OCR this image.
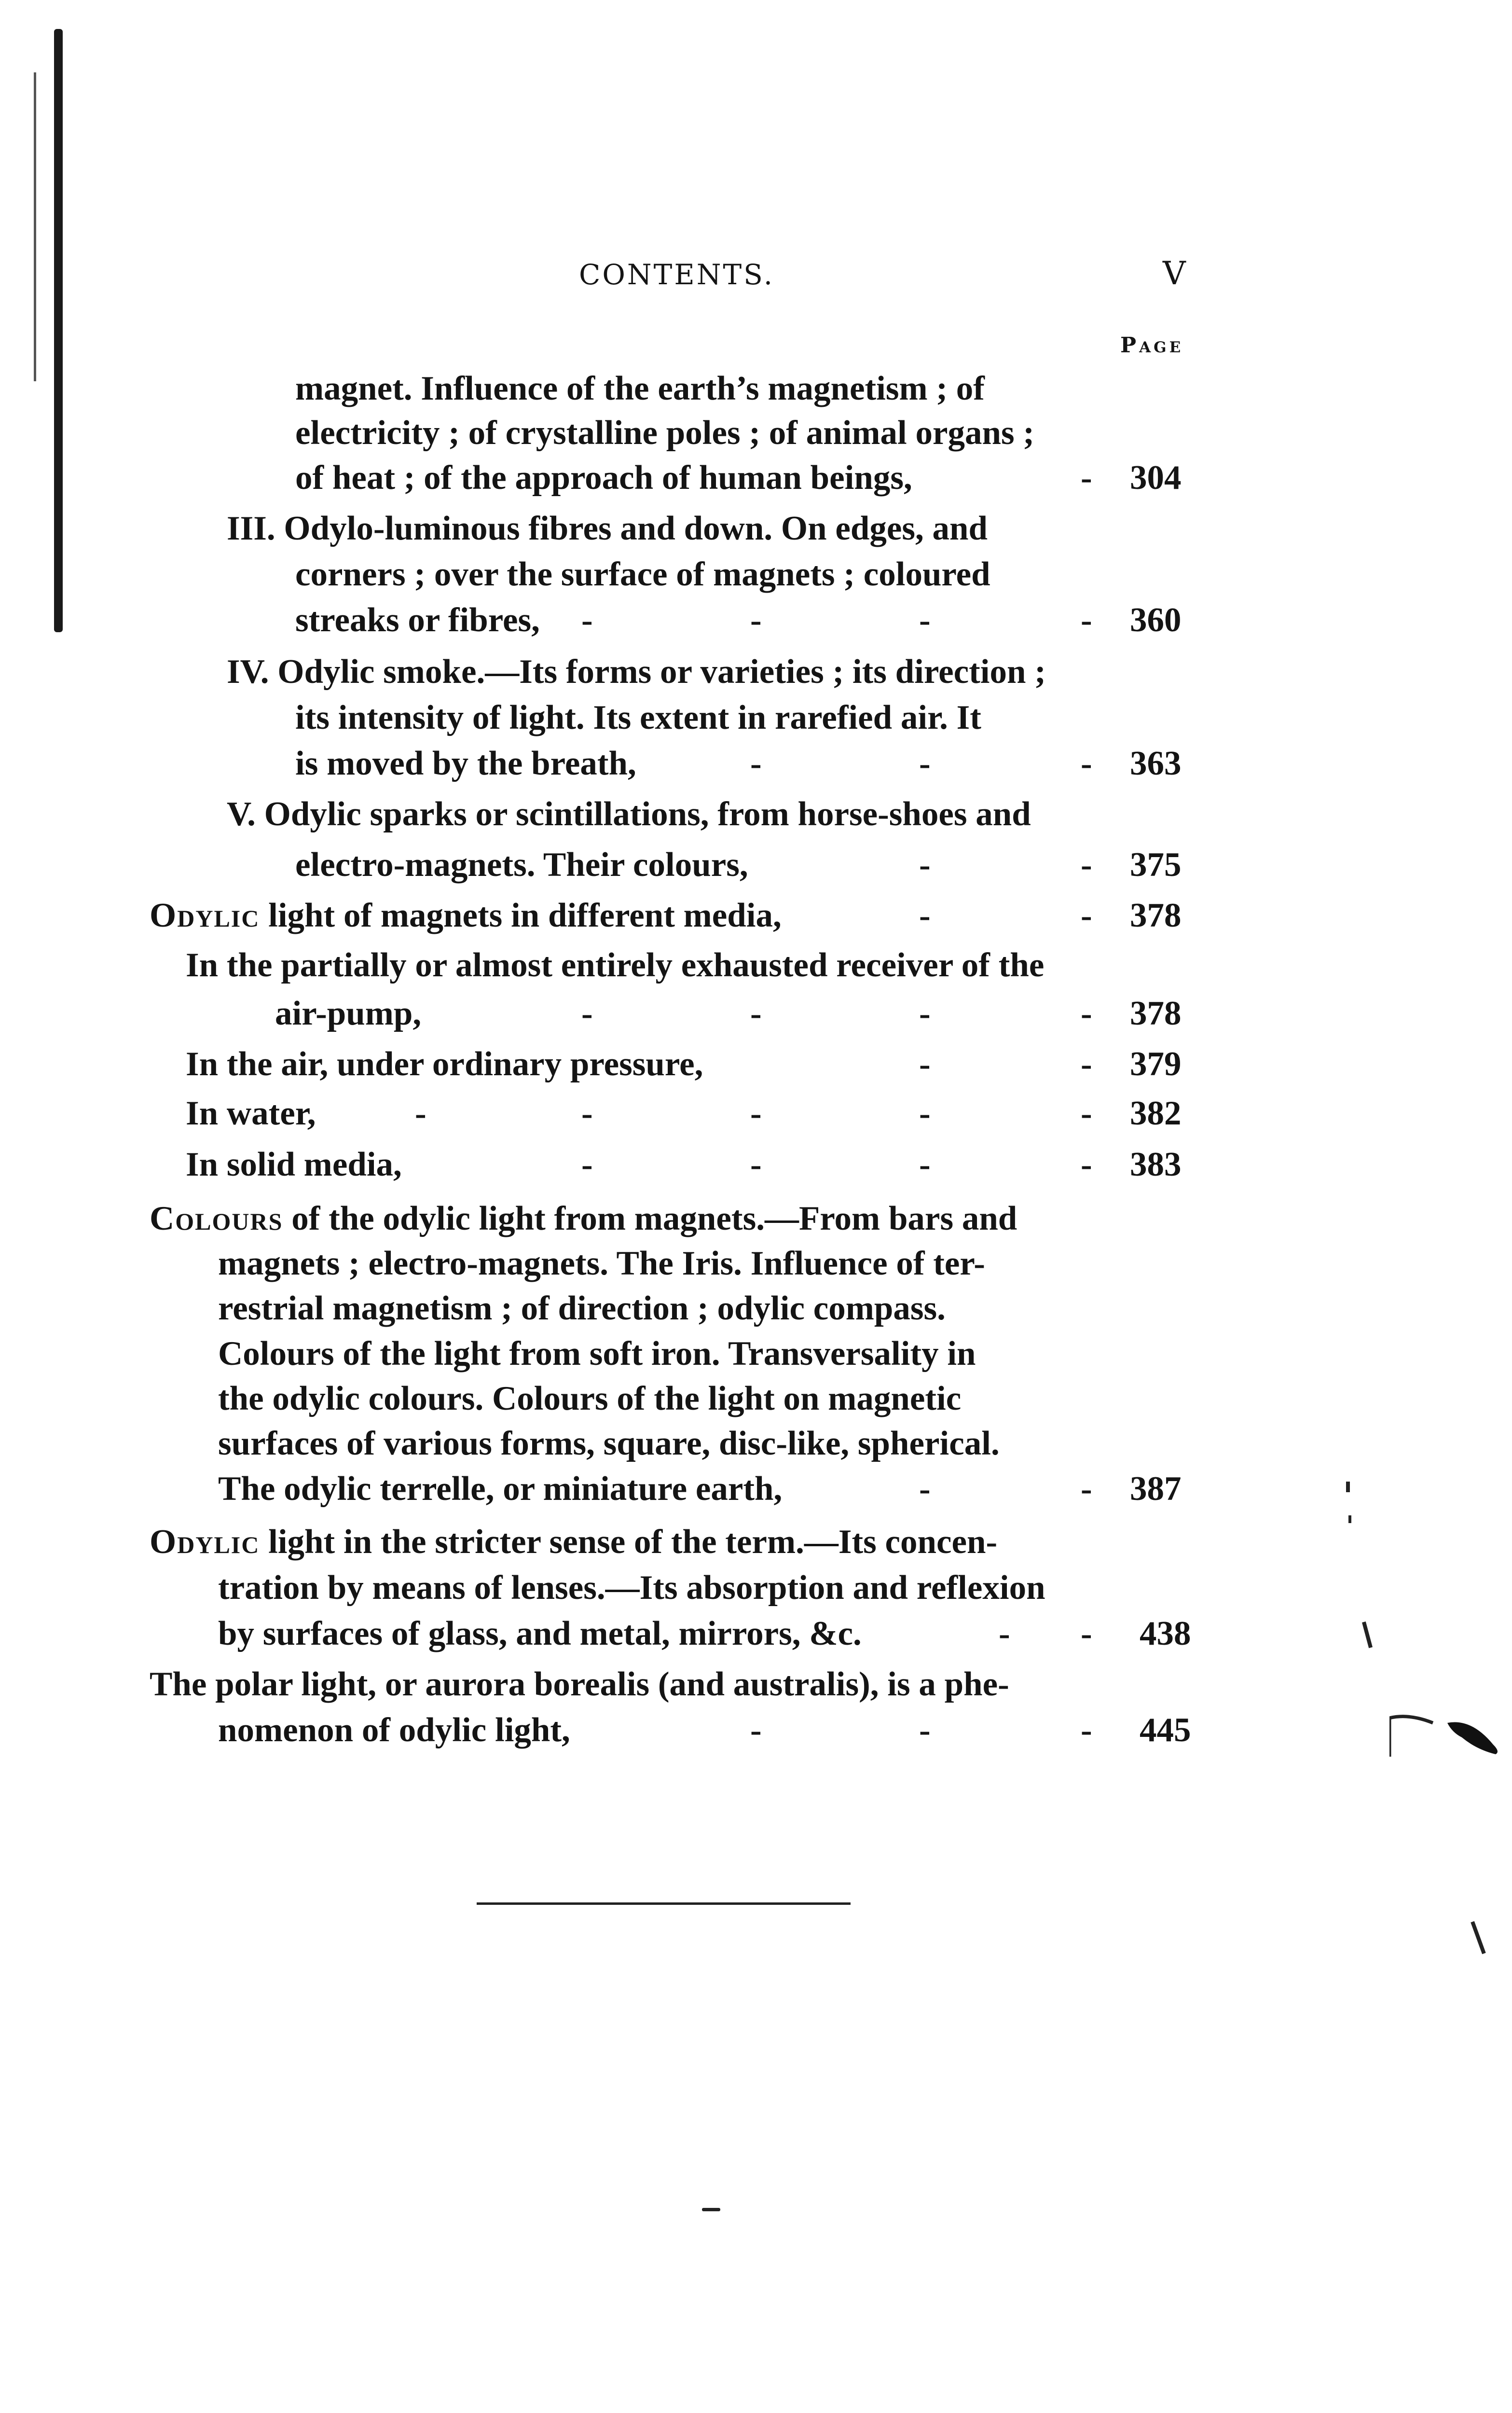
CONTENTS.	V
Page
magnet. Influence of the earth’s magnetism ; of
electricity ; of crystalline poles ; of animal organs ;
of heat ; of the approach of human beings,	- 304
III. Odylo-luminous fibres and down. On edges, and
corners ; over the surface of magnets ; coloured
streaks or fibres, -	-	-	- 360
IV. Odylic smoke.—Its forms or varieties ; its direction ;
its intensity of light. Its extent in rarefied air. It
is moved by the breath,	-	-	- 363
V. Odylic sparks or scintillations, from horse-shoes and
electro-magnets. Their colours,	-	- 375
Odylic light of magnets in different media,	-	- 378
In the partially or almost entirely exhausted receiver of the
air-pump,	-	-	-	- 378
In the air, under ordinary pressure,	-	- 379
In water,	-	-	-	-	- 382
In solid media,	-	-	-	- 383
Colours of the odylic light from magnets.—From bars and
magnets ; electro-magnets. The Iris. Influence of ter-
restrial magnetism ; of direction ; odylic compass.
Colours of the light from soft iron. Transversality in
the odylic colours. Colours of the light on magnetic
surfaces of various forms, square, disc-like, spherical.
The odylic terrelle, or miniature earth,	-	- 387
Odylic light in the stricter sense of the term.—Its concen-
tration by means of lenses.—Its absorption and reflexion
by surfaces of glass, and metal, mirrors, &c.	- - 438
The polar light, or aurora borealis (and australis), is a phe-
nomenon of odylic light,	-	-	- 445
